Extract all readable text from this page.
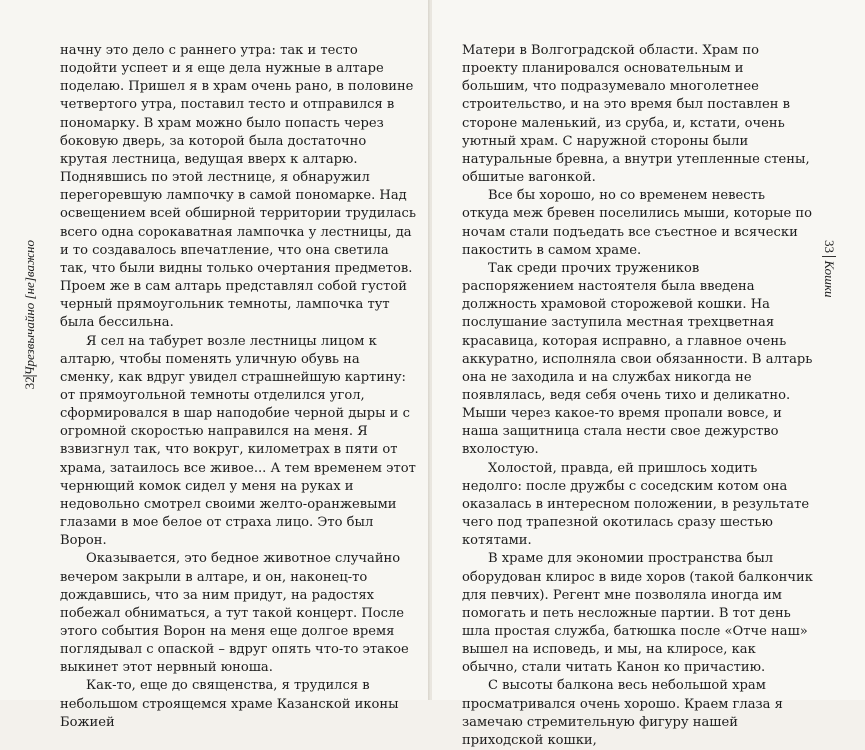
32
Чрезвычайно [не]важно

начну это дело с раннего утра: так и тесто подойти успеет и я еще дела нужные в алтаре поделаю. Пришел я в храм очень рано, в половине четвертого утра, поставил тесто и отправился в пономарку. В храм можно было попасть через боковую дверь, за которой была достаточно крутая лестница, ведущая вверх к алтарю. Поднявшись по этой лестнице, я обнаружил перегоревшую лампочку в самой пономарке. Над освещением всей обширной территории трудилась всего одна сорокаватная лампочка у лестницы, да и то создавалось впечатление, что она светила так, что были видны только очертания предметов. Проем же в сам алтарь представлял собой густой черный прямоугольник темноты, лампочка тут была бессильна.

Я сел на табурет возле лестницы лицом к алтарю, чтобы поменять уличную обувь на сменку, как вдруг увидел страшнейшую картину: от прямоугольной темноты отделился угол, сформировался в шар наподобие черной дыры и с огромной скоростью направился на меня. Я взвизгнул так, что вокруг, километрах в пяти от храма, затаилось все живое... А тем временем этот чернющий комок сидел у меня на руках и недовольно смотрел своими желто-оранжевыми глазами в мое белое от страха лицо. Это был Ворон.

Оказывается, это бедное животное случайно вечером закрыли в алтаре, и он, наконец-то дождавшись, что за ним придут, на радостях побежал обниматься, а тут такой концерт. После этого события Ворон на меня еще долгое время поглядывал с опаской – вдруг опять что-то этакое выкинет этот нервный юноша.

Как-то, еще до священства, я трудился в небольшом строящемся храме Казанской иконы Божией

Матери в Волгоградской области. Храм по проекту планировался основательным и большим, что подразумевало многолетнее строительство, и на это время был поставлен в стороне маленький, из сруба, и, кстати, очень уютный храм. С наружной стороны были натуральные бревна, а внутри утепленные стены, обшитые вагонкой.

Все бы хорошо, но со временем невесть откуда меж бревен поселились мыши, которые по ночам стали подъедать все съестное и всячески пакостить в самом храме.

Так среди прочих тружеников распоряжением настоятеля была введена должность храмовой сторожевой кошки. На послушание заступила местная трехцветная красавица, которая исправно, а главное очень аккуратно, исполняла свои обязанности. В алтарь она не заходила и на службах никогда не появлялась, ведя себя очень тихо и деликатно. Мыши через какое-то время пропали вовсе, и наша защитница стала нести свое дежурство вхолостую.

Холостой, правда, ей пришлось ходить недолго: после дружбы с соседским котом она оказалась в интересном положении, в результате чего под трапезной окотилась сразу шестью котятами.

В храме для экономии пространства был оборудован клирос в виде хоров (такой балкончик для певчих). Регент мне позволяла иногда им помогать и петь несложные партии. В тот день шла простая служба, батюшка после «Отче наш» вышел на исповедь, и мы, на клиросе, как обычно, стали читать Канон ко причастию.

С высоты балкона весь небольшой храм просматривался очень хорошо. Краем глаза я замечаю стремительную фигуру нашей приходской кошки,

33  Кошки
